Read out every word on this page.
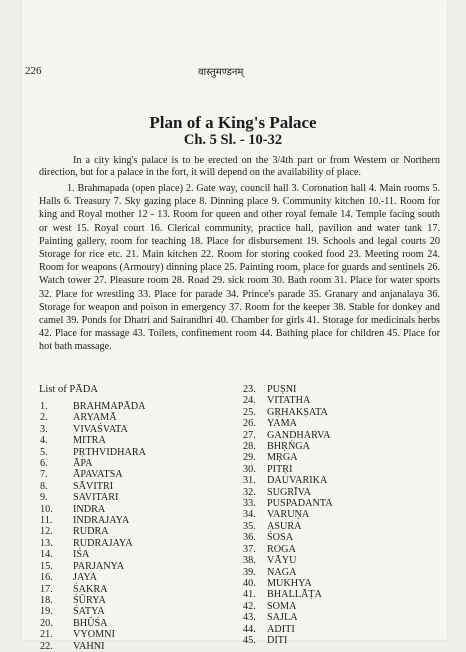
226	वास्तुमण्डनम्
Plan of a King's Palace
Ch. 5 Sl. - 10-32

In a city king's palace is to be erected on the 3/4th part or from Western or Northern direction, but for a palace in the fort, it will depend on the availability of place.

1. Brahmapada (open place) 2. Gate way, council hall 3. Coronation hall 4. Main rooms 5. Halls 6. Treasury 7. Sky gazing place 8. Dinning place 9. Community kitchen 10.-11. Room for king and Royal mother 12 - 13. Room for queen and other royal female 14. Temple facing south or west 15. Royal court 16. Clerical community, practice hall, pavilion and water tank 17. Painting gallery, room for teaching 18. Place for disbursement 19. Schools and legal courts 20 Storage for rice etc. 21. Main kitchen 22. Room for storing cooked food 23. Meeting room 24. Room for weapons (Armoury) dinning place 25. Painting room, place for guards and sentinels 26. Watch tower 27. Pleasure room 28. Road 29. sick room 30. Bath room 31. Place for water sports 32. Place for wrestling 33. Place for parade 34. Prince's parade 35. Granary and anjanalaya 36. Storage for weapon and poison in emergency 37. Room for the keeper 38. Stable for donkey and camel 39. Ponds for Dhatri and Sairandhri 40. Chamber for girls 41. Storage for medicinals herbs 42. Place for massage 43. Toilets, confinement room 44. Bathing place for children 45. Place for hot bath massage.

List of PĀDA
1. BRAHMAPĀDA
2. ARYAMĀ
3. VIVAŚVATA
4. MITRA
5. PṚTHVIDHARA
6. ĀPA
7. ĀPAVATSA
8. SĀVITRI
9. SAVITARI
10. INDRA
11. INDRAJAYA
12. RUDRA
13. RUDRAJAYA
14. IŚA
15. PARJANYA
16. JAYA
17. ŚAKRA
18. ŚŪRYA
19. ŚATYA
20. BHŪŚA
21. VYOMNI
22. VAHNI
23. PUṢNI
24. VITATHA
25. GṚHAKṢATA
26. YAMA
27. GANDHARVA
28. BHṚṄGA
29. MṚGA
30. PITṚI
31. DAUVARIKA
32. SUGRĪVA
33. PUSPADANTA
34. VARUṆA
35. ASURA
36. ŚOSA
37. ROGA
38. VĀYU
39. NAGA
40. MUKHYA
41. BHALLĀṬA
42. SOMA
43. SAJLA
44. ADITI
45. DITI
